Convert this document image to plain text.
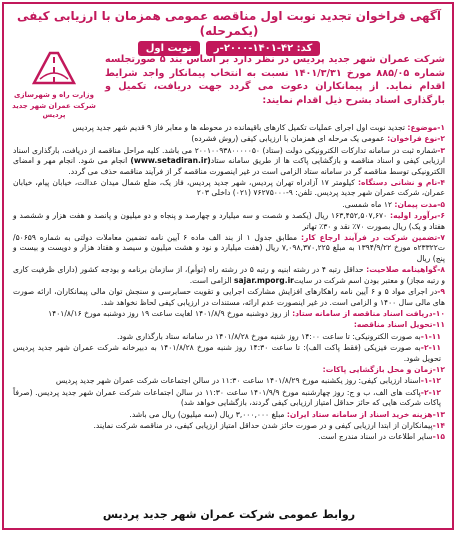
آگهی فراخوان تجدید نوبت اول مناقصه عمومی همزمان با ارزیابی کیفی (یکمرحله)
کد: ۴۲-۱۴۰۱-۲۰۰۰-ر
نوبت اول
وزارت راه و شهرسازی
شرکت عمران شهر جدید پردیس
شرکت عمران شهر جدید پردیس در نظر دارد بر اساس بند ۵ صورتجلسه شماره ۸۸۵/۰۵ مورخ ۱۴۰۱/۳/۳۱ نسبت به انتخاب پیمانکار واجد شرایط اقدام نماید. از پیمانکاران دعوت می گردد جهت دریافت، تکمیل و بارگذاری اسناد بشرح ذیل اقدام نمایند:
۱-موضوع: تجدید نوبت اول اجرای عملیات تکمیل کارهای باقیمانده در محوطه ها و معابر فاز ۹ قدیم شهر جدید پردیس
۲-نوع فراخوان: عمومی یک مرحله ای همزمان با ارزیابی کیفی (روش فشرده)
۳-شماره ثبت در سامانه تدارکات الکترونیکی دولت (ستاد) ۲۰۰۱۰۰۹۳۸۰۰۰۰۰۵۰ می باشد. کلیه مراحل مناقصه از دریافت، بارگذاری اسناد ارزیابی کیفی و اسناد مناقصه و بازگشایی پاکت ها از طریق سامانه ستاد(www.setadiran.ir) انجام می شود. انجام مهر و امضای الکترونیکی توسط مناقصه گر در سامانه ستاد الزامی است در غیر اینصورت مناقصه گر از فرآیند مناقصه حذف می گردد.
۴-نام و نشانی دستگاه: کیلومتر ۱۷ آزادراه تهران پردیس، شهر جدید پردیس، فاز یک، ضلع شمال میدان عدالت، خیابان پیام، خیابان عمران، شرکت عمران شهر جدید پردیس. تلفن: ۹-۷۶۲۷۵۰۰۰ (۰۲۱) داخلی ۲۰۳
۵-مدت پیمان: ۱۲ ماه شمسی.
۶-برآورد اولیه: ۱۶۳,۴۵۲,۵۰۷,۶۷۰ ریال (یکصد و شصت و سه میلیارد و چهارصد و پنجاه و دو میلیون و پانصد و هفت هزار و ششصد و هفتاد و یک) ریال بصورت ۷۰٪ نقد و ۳۰٪ تهاتر
۷-تضمین شرکت در فرآیند ارجاع کار: مطابق جدول ۱ از بند الف ماده ۶ آیین نامه تضمین معاملات دولتی به شماره ۵۰۶۵۹/ت۲۳۳۲۲ه مورخ ۱۳۹۴/۹/۲۲ به مبلغ ۷,۰۹۸,۳۷۰,۲۲۵ ریال (هفت میلیارد و نود و هشت میلیون و سیصد و هفتاد هزار و دویست و بیست و پنج) ریال
۸-گواهینامه صلاحیت: حداقل رتبه ۴ در رشته ابنیه و رتبه ۵ در رشته راه (توأم)، از سازمان برنامه و بودجه کشور (دارای ظرفیت کاری و رتبه مجاز) و معتبر بودن اسم شرکت در سایتsajar.mporg.ir الزامی است.
۹-در اجرای مواد ۵ و ۶ آیین نامه راهکارهای افزایش مشارکت اجرایی و تقویت حسابرسی و سنجش توان مالی پیمانکاران، ارائه صورت های مالی سال ۱۴۰۰ و الزامی است. در غیر اینصورت عدم ارائه، مستندات در ارزیابی کیفی لحاظ نخواهد شد.
۱۰-دریافت اسناد مناقصه از سامانه ستاد: از روز دوشنبه مورخ ۱۴۰۱/۸/۹ لغایت ساعت ۱۹ روز دوشنبه مورخ ۱۴۰۱/۸/۱۶
۱۱-تحویل اسناد مناقصه:
۱-۱۱-به صورت الکترونیکی: تا ساعت ۱۴:۰۰ روز شنبه مورخ ۱۴۰۱/۸/۲۸ در سامانه ستاد بارگذاری شود.
۲-۱۱-به صورت فیزیکی (فقط پاکت الف): تا ساعت ۱۴:۳۰ روز شنبه مورخ ۱۴۰۱/۸/۲۸ به دبیرخانه شرکت عمران شهر جدید پردیس تحویل شود.
۱۲-زمان و محل بازگشایی پاکات:
۱-۱۲-اسناد ارزیابی کیفی: روز یکشنبه مورخ ۱۴۰۱/۸/۲۹ ساعت ۱۱:۳۰ در سالن اجتماعات شرکت عمران شهر جدید پردیس
۲-۱۲-پاکت های الف، ب و ج: روز چهارشنبه مورخ ۱۴۰۱/۹/۹ ساعت ۱۱:۳۰ در سالن اجتماعات شرکت عمران شهر جدید پردیس. (صرفاً پاکات شرکت هایی که حائز حداقل امتیاز ارزیابی کیفی گردند، بازگشایی خواهد شد)
۱۳-هزینه خرید اسناد از سامانه ستاد ایران: مبلغ ۳,۰۰۰,۰۰۰ ریال (سه میلیون) ریال می باشد.
۱۴-پیمانکاران از ابتدا ارزیابی کیفی و در صورت حائز شدن حداقل امتیاز ارزیابی کیفی، در مناقصه شرکت نمایند.
۱۵-سایر اطلاعات در اسناد مندرج است.
روابط عمومی شرکت عمران شهر جدید پردیس
